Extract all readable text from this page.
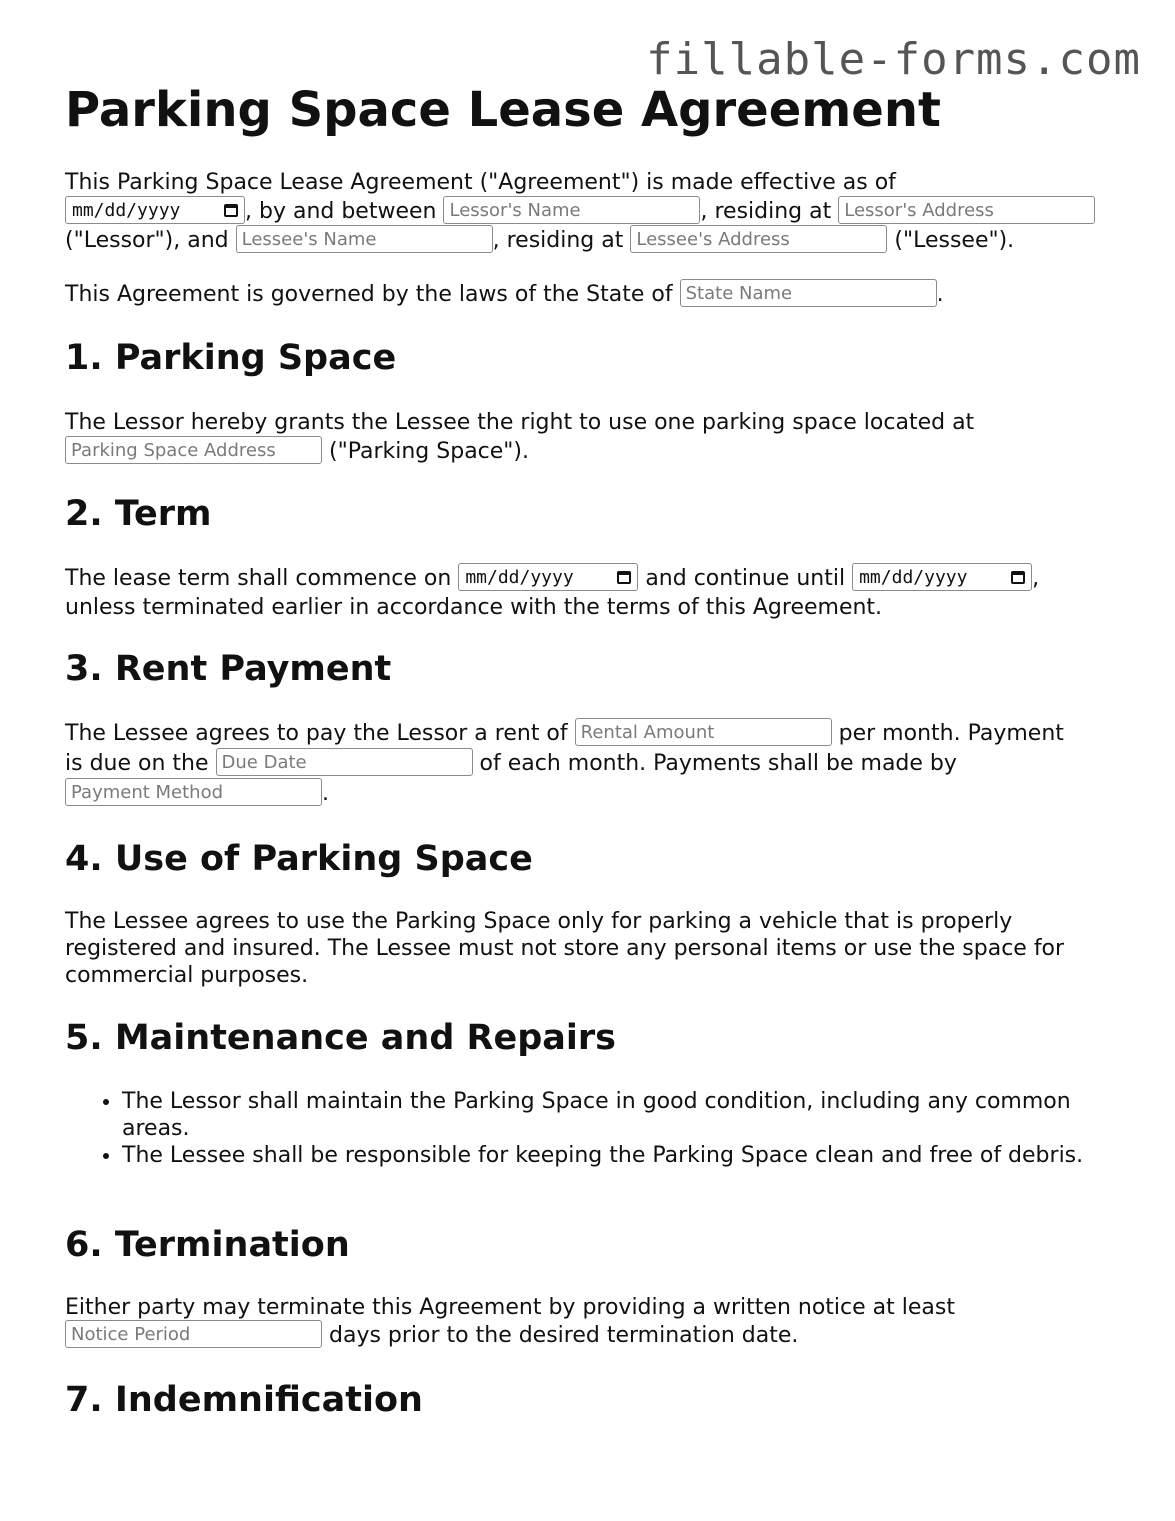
fillable-forms.com
Parking Space Lease Agreement

This Parking Space Lease Agreement ("Agreement") is made effective as of

mm/dd/yyyy	, by and between Lessor's Name	, residing at Lessor's Address
("Lessor"), and Lessee's Name	, residing at Lessee's Address	("Lessee").

This Agreement is governed by the laws of the State of State Name	.

1. Parking Space

The Lessor hereby grants the Lessee the right to use one parking space located at
Parking Space Address ("Parking Space").

2. Term

The lease term shall commence on mm/dd/yyyy	and continue until mm/dd/yyyy	,
unless terminated earlier in accordance with the terms of this Agreement.

3. Rent Payment

The Lessee agrees to pay the Lessor a rent of Rental Amount	per month. Payment
is due on the Due Date	of each month. Payments shall be made by
Payment Method.

4. Use of Parking Space

The Lessee agrees to use the Parking Space only for parking a vehicle that is properly registered and insured. The Lessee must not store any personal items or use the space for commercial purposes.

5. Maintenance and Repairs
• The Lessor shall maintain the Parking Space in good condition, including any common areas.
• The Lessee shall be responsible for keeping the Parking Space clean and free of debris.
6. Termination

Either party may terminate this Agreement by providing a written notice at least
Notice Period days prior to the desired termination date.

7. Indemnification
